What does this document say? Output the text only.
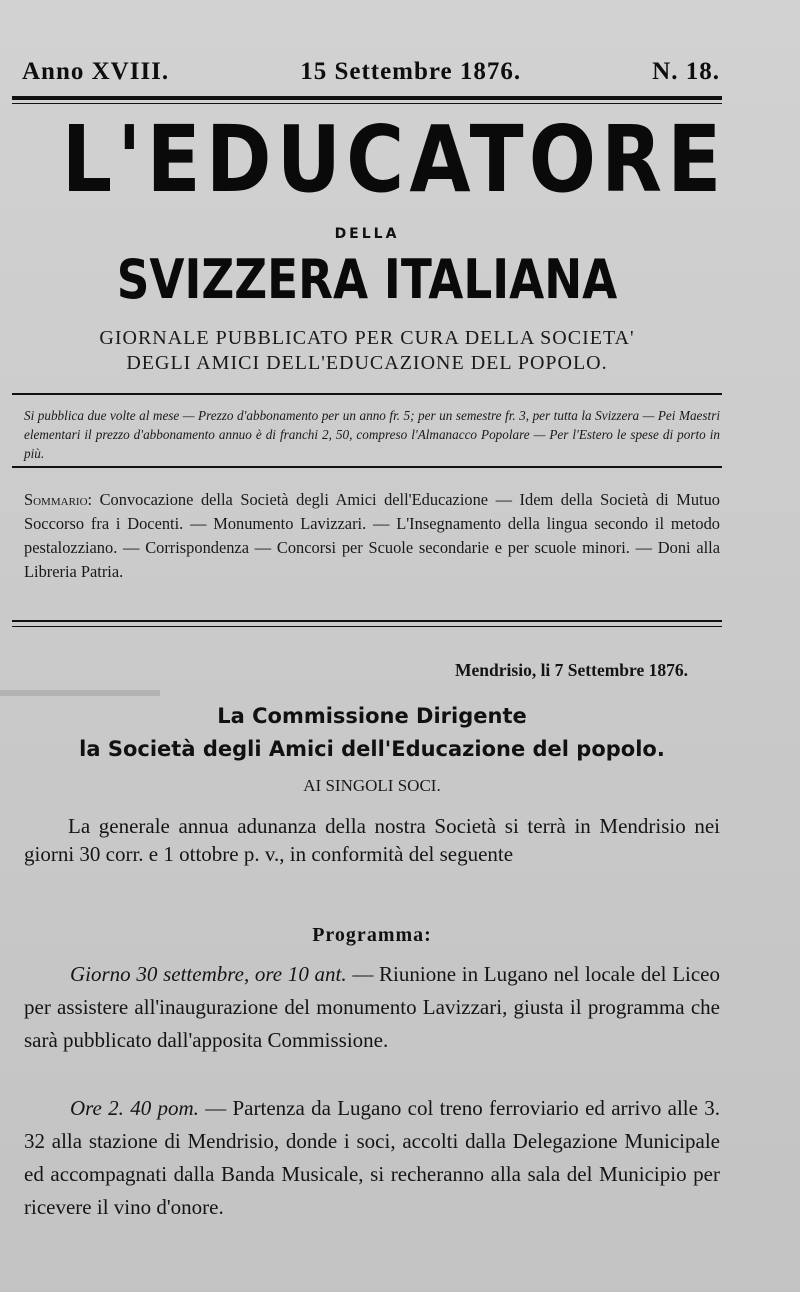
Anno XVIII.	15 Settembre 1876.	N. 18.
L'EDUCATORE
DELLA
SVIZZERA ITALIANA
GIORNALE PUBBLICATO PER CURA DELLA SOCIETA'
DEGLI AMICI DELL'EDUCAZIONE DEL POPOLO.
Si pubblica due volte al mese — Prezzo d'abbonamento per un anno fr. 5; per un semestre fr. 3, per tutta la Svizzera — Pei Maestri elementari il prezzo d'abbonamento annuo è di franchi 2, 50, compreso l'Almanacco Popolare — Per l'Estero le spese di porto in più.
Sommario: Convocazione della Società degli Amici dell'Educazione — Idem della Società di Mutuo Soccorso fra i Docenti. — Monumento Lavizzari. — L'Insegnamento della lingua secondo il metodo pestalozziano. — Corrispondenza — Concorsi per Scuole secondarie e per scuole minori. — Doni alla Libreria Patria.
Mendrisio, li 7 Settembre 1876.
La Commissione Dirigente
la Società degli Amici dell'Educazione del popolo.
AI SINGOLI SOCI.
La generale annua adunanza della nostra Società si terrà in Mendrisio nei giorni 30 corr. e 1 ottobre p. v., in conformità del seguente
Programma:
Giorno 30 settembre, ore 10 ant. — Riunione in Lugano nel locale del Liceo per assistere all'inaugurazione del monumento Lavizzari, giusta il programma che sarà pubblicato dall'apposita Commissione.
Ore 2. 40 pom. — Partenza da Lugano col treno ferroviario ed arrivo alle 3. 32 alla stazione di Mendrisio, donde i soci, accolti dalla Delegazione Municipale ed accompagnati dalla Banda Musicale, si recheranno alla sala del Municipio per ricevere il vino d'onore.
